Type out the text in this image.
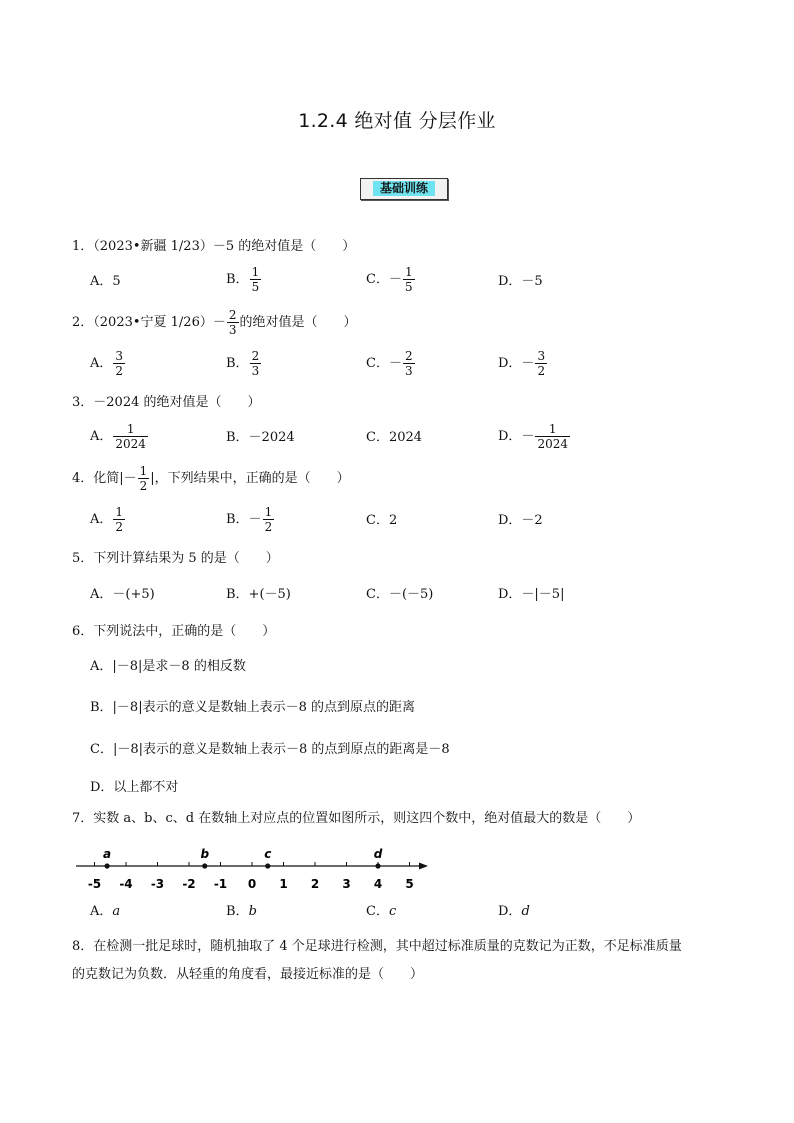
1.2.4 绝对值 分层作业
基础训练
1．（2023•新疆 1/23）－5 的绝对值是（　　）
A．5	B． $\frac{1}{5}$	C．－ $\frac{1}{5}$	D．－5
2．（2023•宁夏 $1/26)- \frac{2}{3}$ 的绝对值是（　　）
A． $\frac{3}{2}$	B． $\frac{2}{3}$	C．－ $\frac{2}{3}$	D．－ $\frac{3}{2}$
3．－2024 的绝对值是（　　）
A． $\frac{1}{2024}$	B．－2024	C．2024	D．－ $\frac{1}{2024}$
4．化简|－ $\frac{1}{2}$ |，下列结果中，正确的是（　　）
A． $\frac{1}{2}$	B．－ $\frac{1}{2}$	C．2	D．－2
5．下列计算结果为 5 的是（　　）
A．－(+5)	B．+(－5)	C．－(－5)	D．－|－5|
6．下列说法中，正确的是（　　）
A．|－8|是求－8 的相反数
B．|－8|表示的意义是数轴上表示－8 的点到原点的距离
C．|－8|表示的意义是数轴上表示－8 的点到原点的距离是－8
D．以上都不对
7．实数 a、b、c、d 在数轴上对应点的位置如图所示，则这四个数中，绝对值最大的数是（　　）
-5 -4 -3 -2 -1 0 1 2 3 4 5
a	b	c	d
A．a	B．b	C．c	D．d
8．在检测一批足球时，随机抽取了 4 个足球进行检测，其中超过标准质量的克数记为正数，不足标准质量
的克数记为负数．从轻重的角度看，最接近标准的是（　　）
